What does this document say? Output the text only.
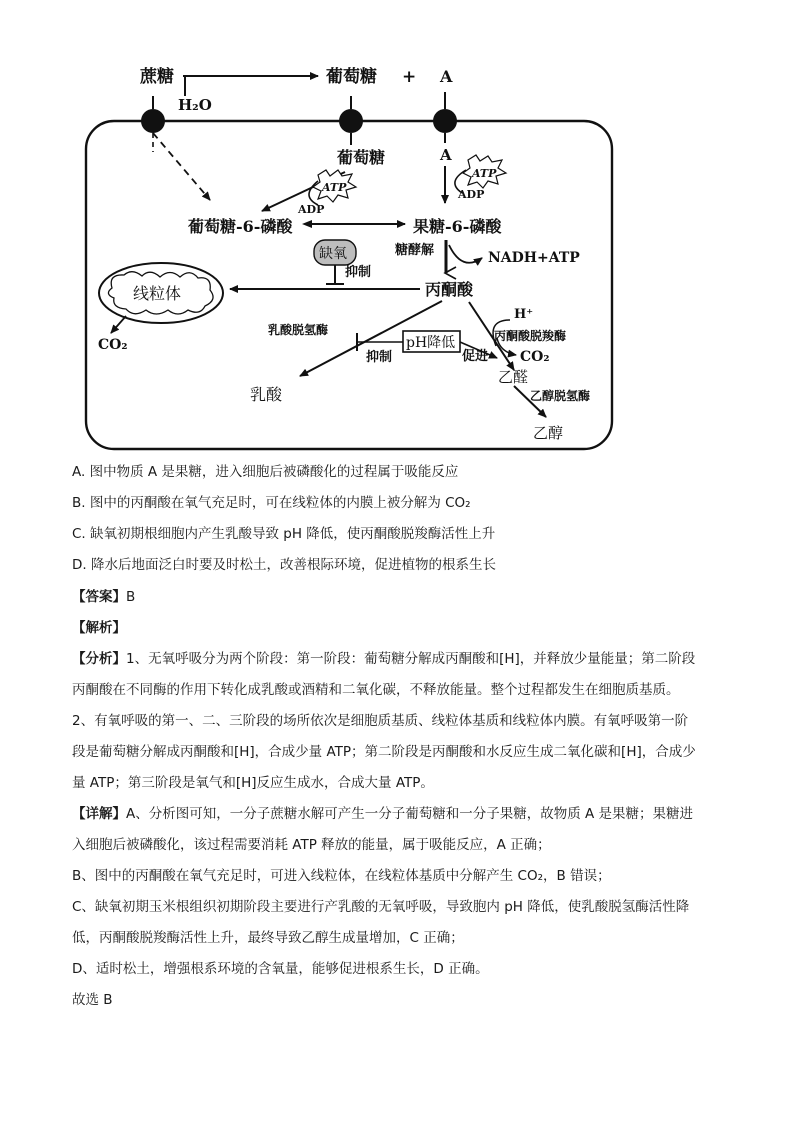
蔗糖
H₂O
葡萄糖 + A
葡萄糖
ATP
ADP
A
ATP
ADP
葡萄糖-6-磷酸	果糖-6-磷酸
糖酵解	NADH+ATP
缺氧
抑制
线粒体
CO₂
丙酮酸
乳酸脱氢酶
乳酸
pH降低
抑制	促进
H⁺
丙酮酸脱羧酶
CO₂
乙醛
乙醇脱氢酶
乙醇
A. 图中物质 A 是果糖，进入细胞后被磷酸化的过程属于吸能反应
B. 图中的丙酮酸在氧气充足时，可在线粒体的内膜上被分解为 CO₂
C. 缺氧初期根细胞内产生乳酸导致 pH 降低，使丙酮酸脱羧酶活性上升
D. 降水后地面泛白时要及时松土，改善根际环境，促进植物的根系生长
【答案】B
【解析】
【分析】1、无氧呼吸分为两个阶段：第一阶段：葡萄糖分解成丙酮酸和[H]，并释放少量能量；第二阶段
丙酮酸在不同酶的作用下转化成乳酸或酒精和二氧化碳，不释放能量。整个过程都发生在细胞质基质。
2、有氧呼吸的第一、二、三阶段的场所依次是细胞质基质、线粒体基质和线粒体内膜。有氧呼吸第一阶
段是葡萄糖分解成丙酮酸和[H]，合成少量 ATP；第二阶段是丙酮酸和水反应生成二氧化碳和[H]，合成少
量 ATP；第三阶段是氧气和[H]反应生成水，合成大量 ATP。
【详解】A、分析图可知，一分子蔗糖水解可产生一分子葡萄糖和一分子果糖，故物质 A 是果糖；果糖进
入细胞后被磷酸化，该过程需要消耗 ATP 释放的能量，属于吸能反应，A 正确；
B、图中的丙酮酸在氧气充足时，可进入线粒体，在线粒体基质中分解产生 CO₂，B 错误；
C、缺氧初期玉米根组织初期阶段主要进行产乳酸的无氧呼吸，导致胞内 pH 降低，使乳酸脱氢酶活性降
低，丙酮酸脱羧酶活性上升，最终导致乙醇生成量增加，C 正确；
D、适时松土，增强根系环境的含氧量，能够促进根系生长，D 正确。
故选 B
